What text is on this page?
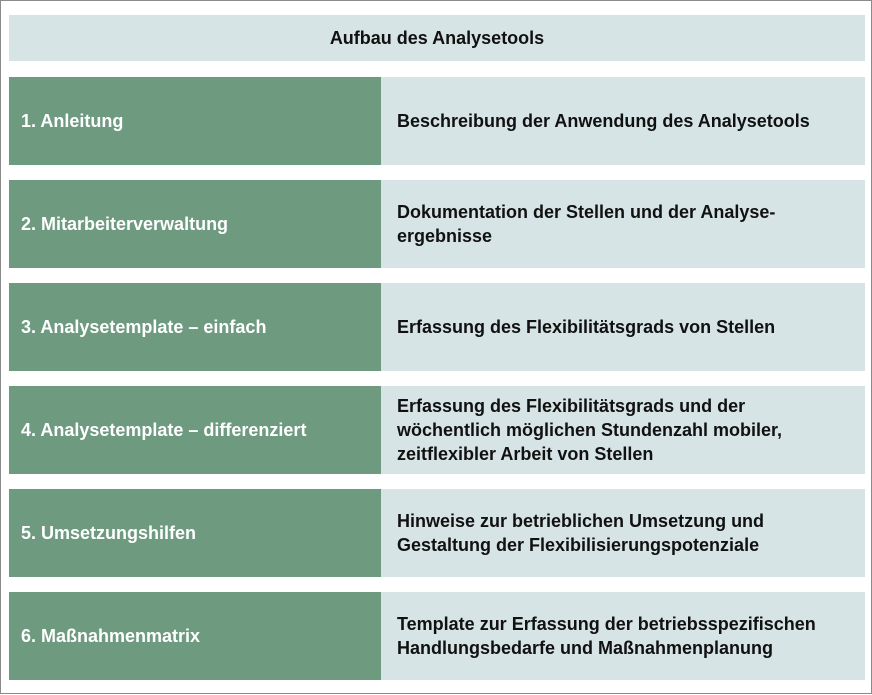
Aufbau des Analysetools
1. Anleitung	Beschreibung der Anwendung des Analysetools
2. Mitarbeiterverwaltung
Dokumentation der Stellen und der Analyse-
ergebnisse
3. Analysetemplate – einfach	Erfassung des Flexibilitätsgrads von Stellen
4. Analysetemplate – differenziert
Erfassung des Flexibilitätsgrads und der
wöchentlich möglichen Stundenzahl mobiler,
zeitflexibler Arbeit von Stellen
5. Umsetzungshilfen
Hinweise zur betrieblichen Umsetzung und
Gestaltung der Flexibilisierungspotenziale
6. Maßnahmenmatrix
Template zur Erfassung der betriebsspezifischen
Handlungsbedarfe und Maßnahmenplanung
